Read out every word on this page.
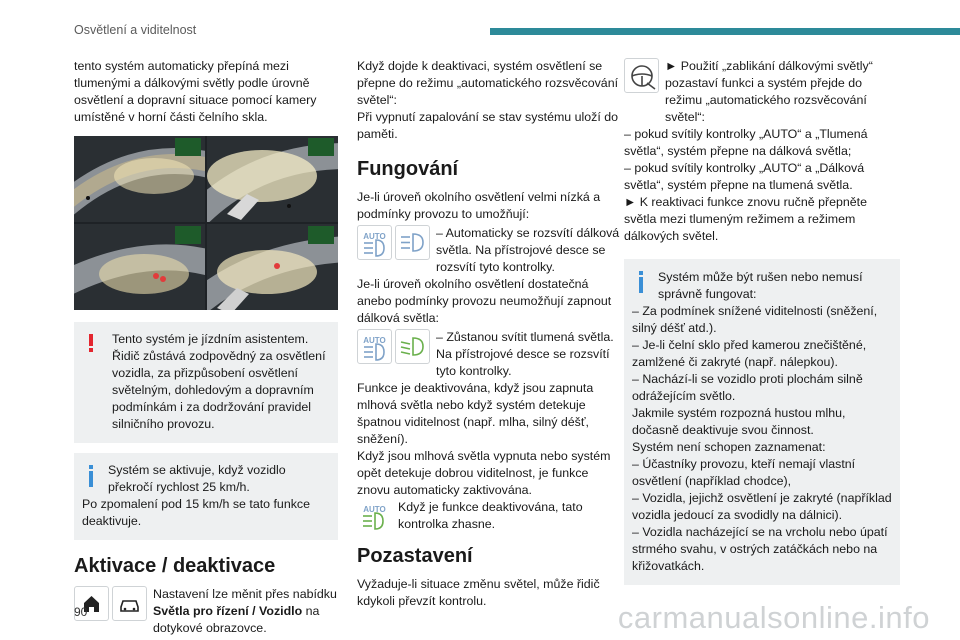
Osvětlení a viditelnost

tento systém automaticky přepíná mezi tlumenými a dálkovými světly podle úrovně osvětlení a dopravní situace pomocí kamery umístěné v horní části čelního skla.

Tento systém je jízdním asistentem. Řidič zůstává zodpovědný za osvětlení vozidla, za přizpůsobení osvětlení světelným, dohledovým a dopravním podmínkám i za dodržování pravidel silničního provozu.

Systém se aktivuje, když vozidlo překročí rychlost 25 km/h.

Po zpomalení pod 15 km/h se tato funkce deaktivuje.

Aktivace / deaktivace

Nastavení lze měnit přes nabídku Světla pro řízení / Vozidlo na dotykové obrazovce.

Když dojde k deaktivaci, systém osvětlení se přepne do režimu „automatického rozsvěcování světel“:

Při vypnutí zapalování se stav systému uloží do paměti.

Fungování

Je-li úroveň okolního osvětlení velmi nízká a podmínky provozu to umožňují:

AUTO	– Automaticky se rozsvítí dálková světla. Na přístrojové desce se rozsvítí tyto kontrolky.

Je-li úroveň okolního osvětlení dostatečná anebo podmínky provozu neumožňují zapnout dálková světla:

AUTO	– Zůstanou svítit tlumená světla. Na přístrojové desce se rozsvítí tyto kontrolky.

Funkce je deaktivována, když jsou zapnuta mlhová světla nebo když systém detekuje špatnou viditelnost (např. mlha, silný déšť, sněžení).

Když jsou mlhová světla vypnuta nebo systém opět detekuje dobrou viditelnost, je funkce znovu automaticky zaktivována.

AUTO Když je funkce deaktivována, tato kontrolka zhasne.

Pozastavení

Vyžaduje-li situace změnu světel, může řidič kdykoli převzít kontrolu.

► Použití „zablikání dálkovými světly“ pozastaví funkci a systém přejde do režimu „automatického rozsvěcování světel“:

– pokud svítily kontrolky „AUTO“ a „Tlumená světla“, systém přepne na dálková světla;

– pokud svítily kontrolky „AUTO“ a „Dálková světla“, systém přepne na tlumená světla.

► K reaktivaci funkce znovu ručně přepněte světla mezi tlumeným režimem a režimem dálkových světel.

Systém může být rušen nebo nemusí správně fungovat:

– Za podmínek snížené viditelnosti (sněžení, silný déšť atd.).

– Je-li čelní sklo před kamerou znečištěné, zamlžené či zakryté (např. nálepkou).

– Nachází-li se vozidlo proti plochám silně odrážejícím světlo.

Jakmile systém rozpozná hustou mlhu, dočasně deaktivuje svou činnost.

Systém není schopen zaznamenat:

– Účastníky provozu, kteří nemají vlastní osvětlení (například chodce),

– Vozidla, jejichž osvětlení je zakryté (například vozidla jedoucí za svodidly na dálnici).

– Vozidla nacházející se na vrcholu nebo úpatí strmého svahu, v ostrých zatáčkách nebo na křižovatkách.

90	carmanualsonline.info
